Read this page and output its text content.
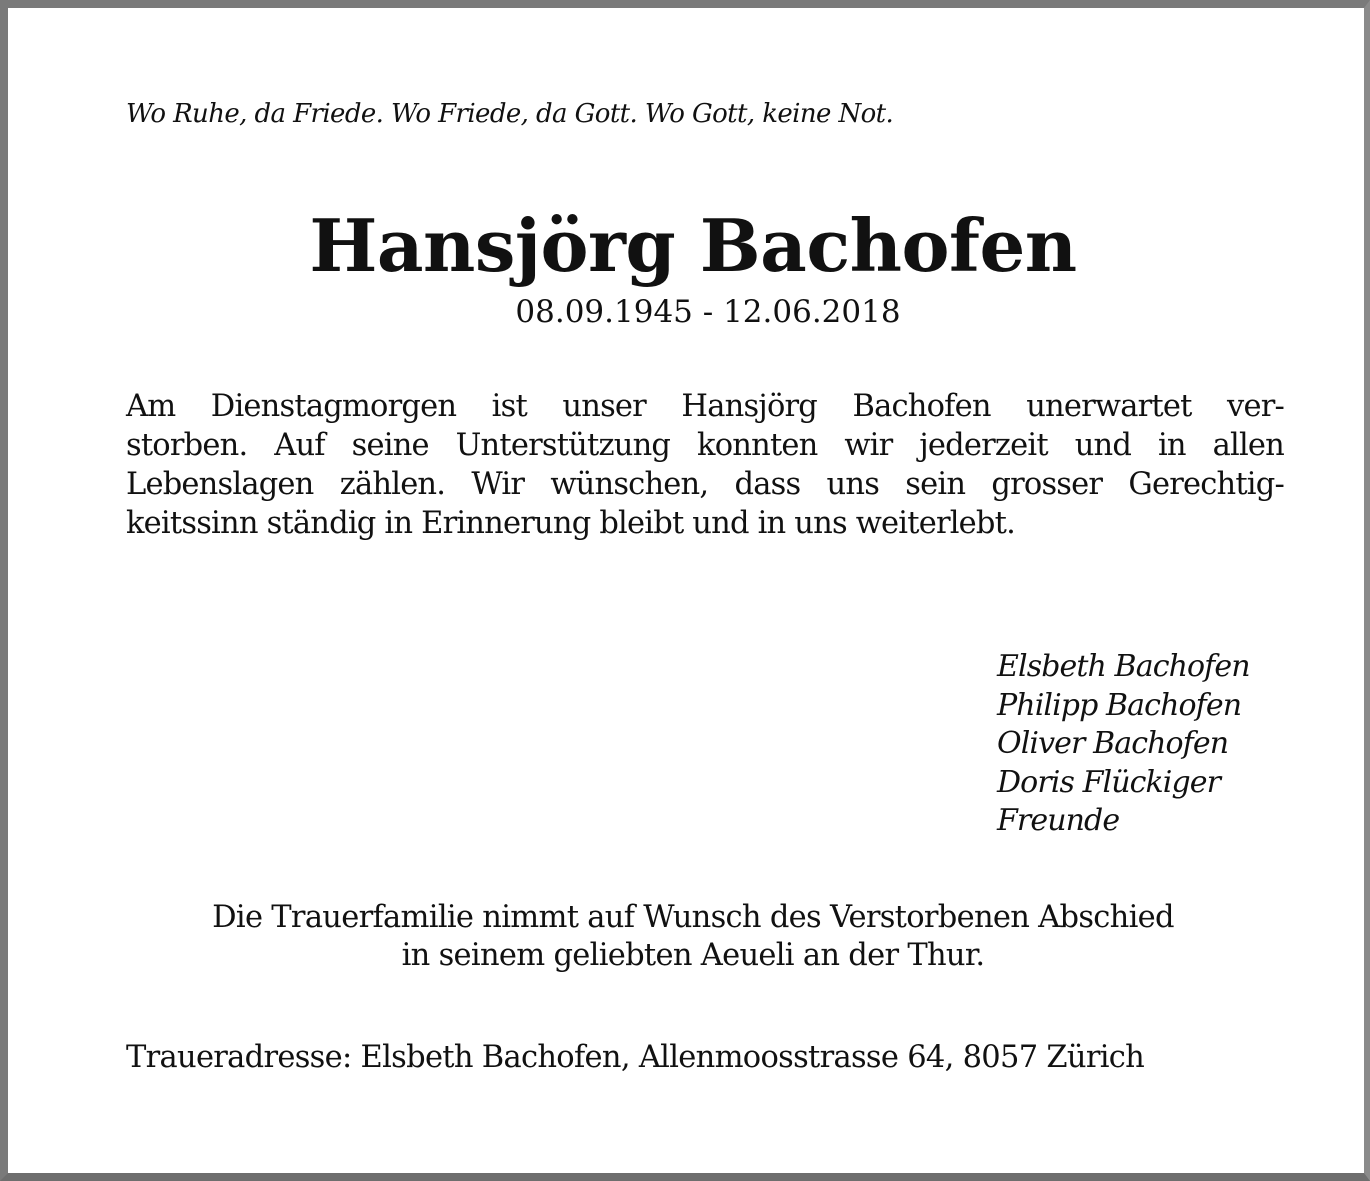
Wo Ruhe, da Friede. Wo Friede, da Gott. Wo Gott, keine Not.
Hansjörg Bachofen
08.09.1945 - 12.06.2018
Am Dienstagmorgen ist unser Hansjörg Bachofen unerwartet ver-
storben. Auf seine Unterstützung konnten wir jederzeit und in allen
Lebenslagen zählen. Wir wünschen, dass uns sein grosser Gerechtig-
keitssinn ständig in Erinnerung bleibt und in uns weiterlebt.
Elsbeth Bachofen
Philipp Bachofen
Oliver Bachofen
Doris Flückiger
Freunde
Die Trauerfamilie nimmt auf Wunsch des Verstorbenen Abschied
in seinem geliebten Aeueli an der Thur.
Traueradresse: Elsbeth Bachofen, Allenmoosstrasse 64, 8057 Zürich
